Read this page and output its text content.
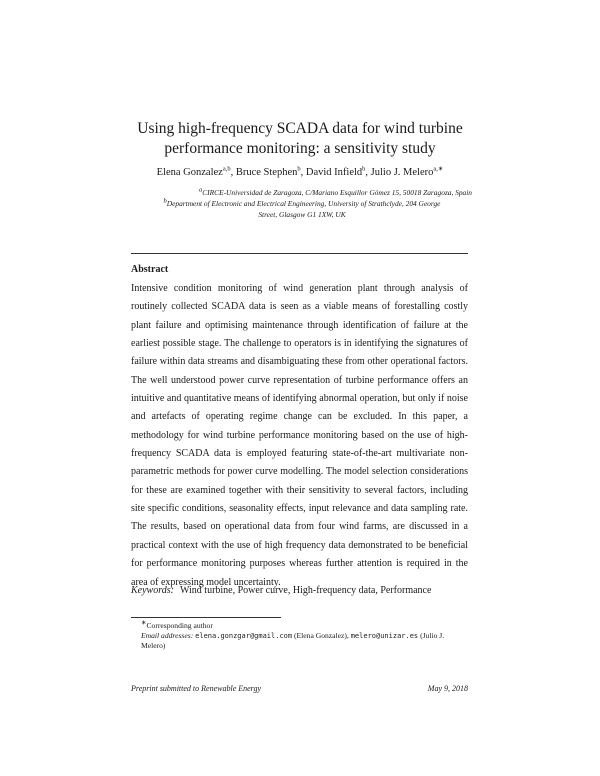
Using high-frequency SCADA data for wind turbine
performance monitoring: a sensitivity study
Elena Gonzalez$^{a,b}$, Bruce Stephen$^b$, David Infield$^b$, Julio J. Melero$^{a,∗}$
$^a$CIRCE-Universidad de Zaragoza, C/Mariano Esquillor Gómez 15, 50018 Zaragoza, Spain
$^b$Department of Electronic and Electrical Engineering, University of Strathclyde, 204 George
Street, Glasgow G1 1XW, UK
Abstract
Intensive condition monitoring of wind generation plant through analysis of routinely collected SCADA data is seen as a viable means of forestalling costly plant failure and optimising maintenance through identification of failure at the earliest possible stage. The challenge to operators is in identifying the signatures of failure within data streams and disambiguating these from other operational factors. The well understood power curve representation of turbine performance offers an intuitive and quantitative means of identifying abnormal operation, but only if noise and artefacts of operating regime change can be excluded. In this paper, a methodology for wind turbine performance monitoring based on the use of high-frequency SCADA data is employed featuring state-of-the-art multivariate non-parametric methods for power curve modelling. The model selection considerations for these are examined together with their sensitivity to several factors, including site specific conditions, seasonality effects, input relevance and data sampling rate. The results, based on operational data from four wind farms, are discussed in a practical context with the use of high frequency data demonstrated to be beneficial for performance monitoring purposes whereas further attention is required in the area of expressing model uncertainty.
Keywords: Wind turbine, Power curve, High-frequency data, Performance
∗Corresponding author
Email addresses: elena.gonzgar@gmail.com (Elena Gonzalez), melero@unizar.es (Julio J. Melero)
Preprint submitted to Renewable Energy	May 9, 2018
